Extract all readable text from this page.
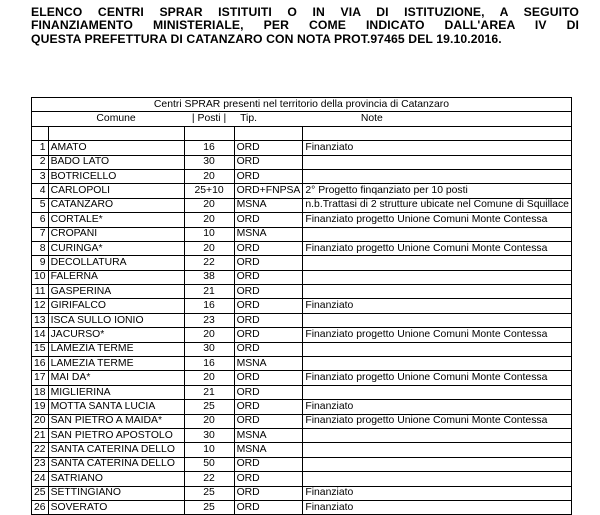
ELENCO CENTRI SPRAR ISTITUITI O IN VIA DI ISTITUZIONE, A SEGUITO
FINANZIAMENTO MINISTERIALE, PER COME INDICATO DALL'AREA IV DI
QUESTA PREFETTURA DI CATANZARO CON NOTA PROT.97465 DEL 19.10.2016.
Centri SPRAR presenti nel territorio della provincia di Catanzaro				
	Comune	| Posti |	Tip.	Note

1	AMATO	16	ORD	Finanziato
2	BADO LATO	30	ORD	
3	BOTRICELLO	20	ORD	
4	CARLOPOLI	25+10	ORD+FNPSA	2° Progetto finqanziato per 10 posti
5	CATANZARO	20	MSNA	n.b.Trattasi di 2 strutture ubicate nel Comune di Squillace
6	CORTALE*	20	ORD	Finanziato progetto Unione Comuni Monte Contessa
7	CROPANI	10	MSNA	
8	CURINGA*	20	ORD	Finanziato progetto Unione Comuni Monte Contessa
9	DECOLLATURA	22	ORD	
10	FALERNA	38	ORD	
11	GASPERINA	21	ORD	
12	GIRIFALCO	16	ORD	Finanziato
13	ISCA SULLO IONIO	23	ORD	
14	JACURSO*	20	ORD	Finanziato progetto Unione Comuni Monte Contessa
15	LAMEZIA TERME	30	ORD	
16	LAMEZIA TERME	16	MSNA	
17	MAI DA*	20	ORD	Finanziato progetto Unione Comuni Monte Contessa
18	MIGLIERINA	21	ORD	
19	MOTTA SANTA LUCIA	25	ORD	Finanziato
20	SAN PIETRO A MAIDA*	20	ORD	Finanziato progetto Unione Comuni Monte Contessa
21	SAN PIETRO APOSTOLO	30	MSNA	
22	SANTA CATERINA DELLO	10	MSNA	
23	SANTA CATERINA DELLO	50	ORD	
24	SATRIANO	22	ORD	
25	SETTINGIANO	25	ORD	Finanziato
26	SOVERATO	25	ORD	Finanziato
